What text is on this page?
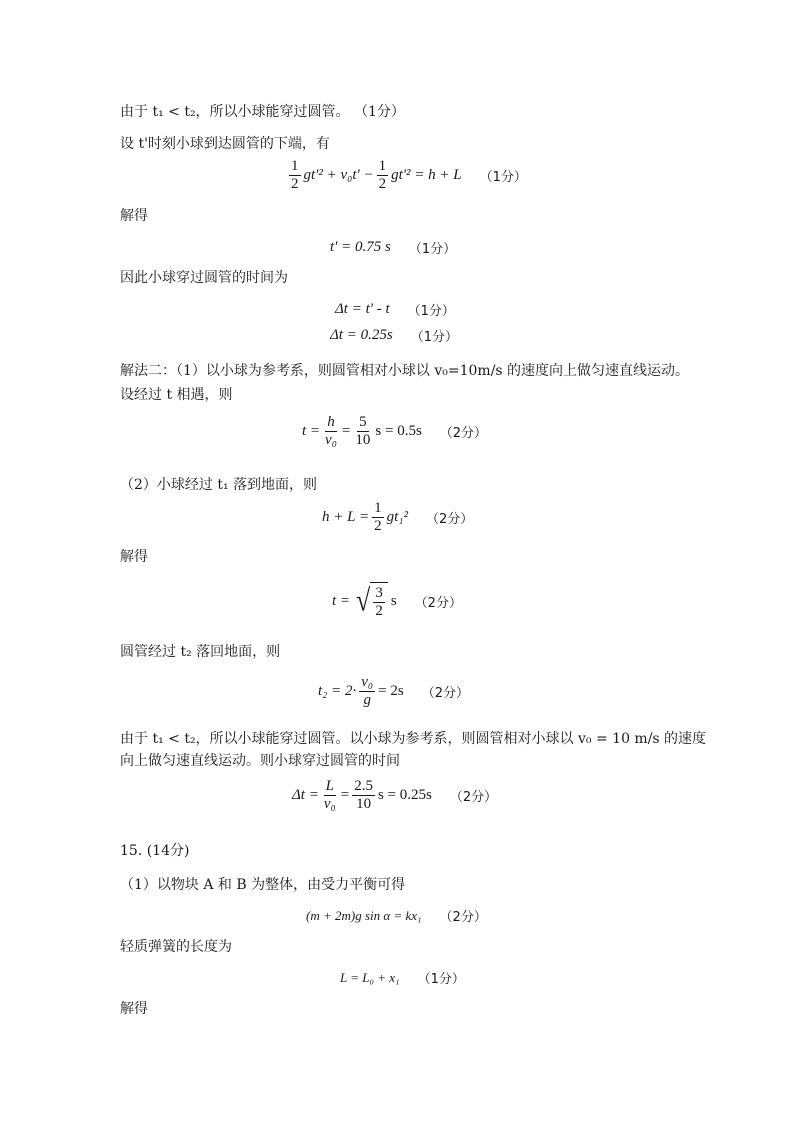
由于 t₁ < t₂，所以小球能穿过圆管。 （1分）
设 t'时刻小球到达圆管的下端，有
$\frac{1}{2} gt'^2 + v_0t' - \frac{1}{2} gt'^2 = h + L$ （1分）
解得
t' = 0.75 s （1分）
因此小球穿过圆管的时间为
Δt = t' - t （1分）
Δt = 0.25s （1分）
解法二：（1）以小球为参考系，则圆管相对小球以 v₀=10m/s 的速度向上做匀速直线运动。
设经过 t 相遇，则
$t = \frac{h}{\text{v₀}} = \frac{5}{10}$ s = 0.5s （2分）
（2）小球经过 t₁ 落到地面，则
$h + L = \frac{1}{2} gt_1^2$ （2分）
解得
t = √ $\frac{3}{2}$ s （2分）
圆管经过 t₂ 落回地面，则
$t_2 = 2\cdot \frac{\text{v₀}}{g} = 2s$ （2分）
由于 t₁ < t₂，所以小球能穿过圆管。以小球为参考系，则圆管相对小球以 v₀ = 10 m/s 的速度
向上做匀速直线运动。则小球穿过圆管的时间
$\Delta t = \frac{L}{\text{v₀}} = \frac{2.5}{10}$ s = 0.25s （2分）
15. (14分)
（1）以物块 A 和 B 为整体，由受力平衡可得
(m + 2m)g sin α = kx₁ （2分）
轻质弹簧的长度为
L = L₀ + x₁ （1分）
解得
